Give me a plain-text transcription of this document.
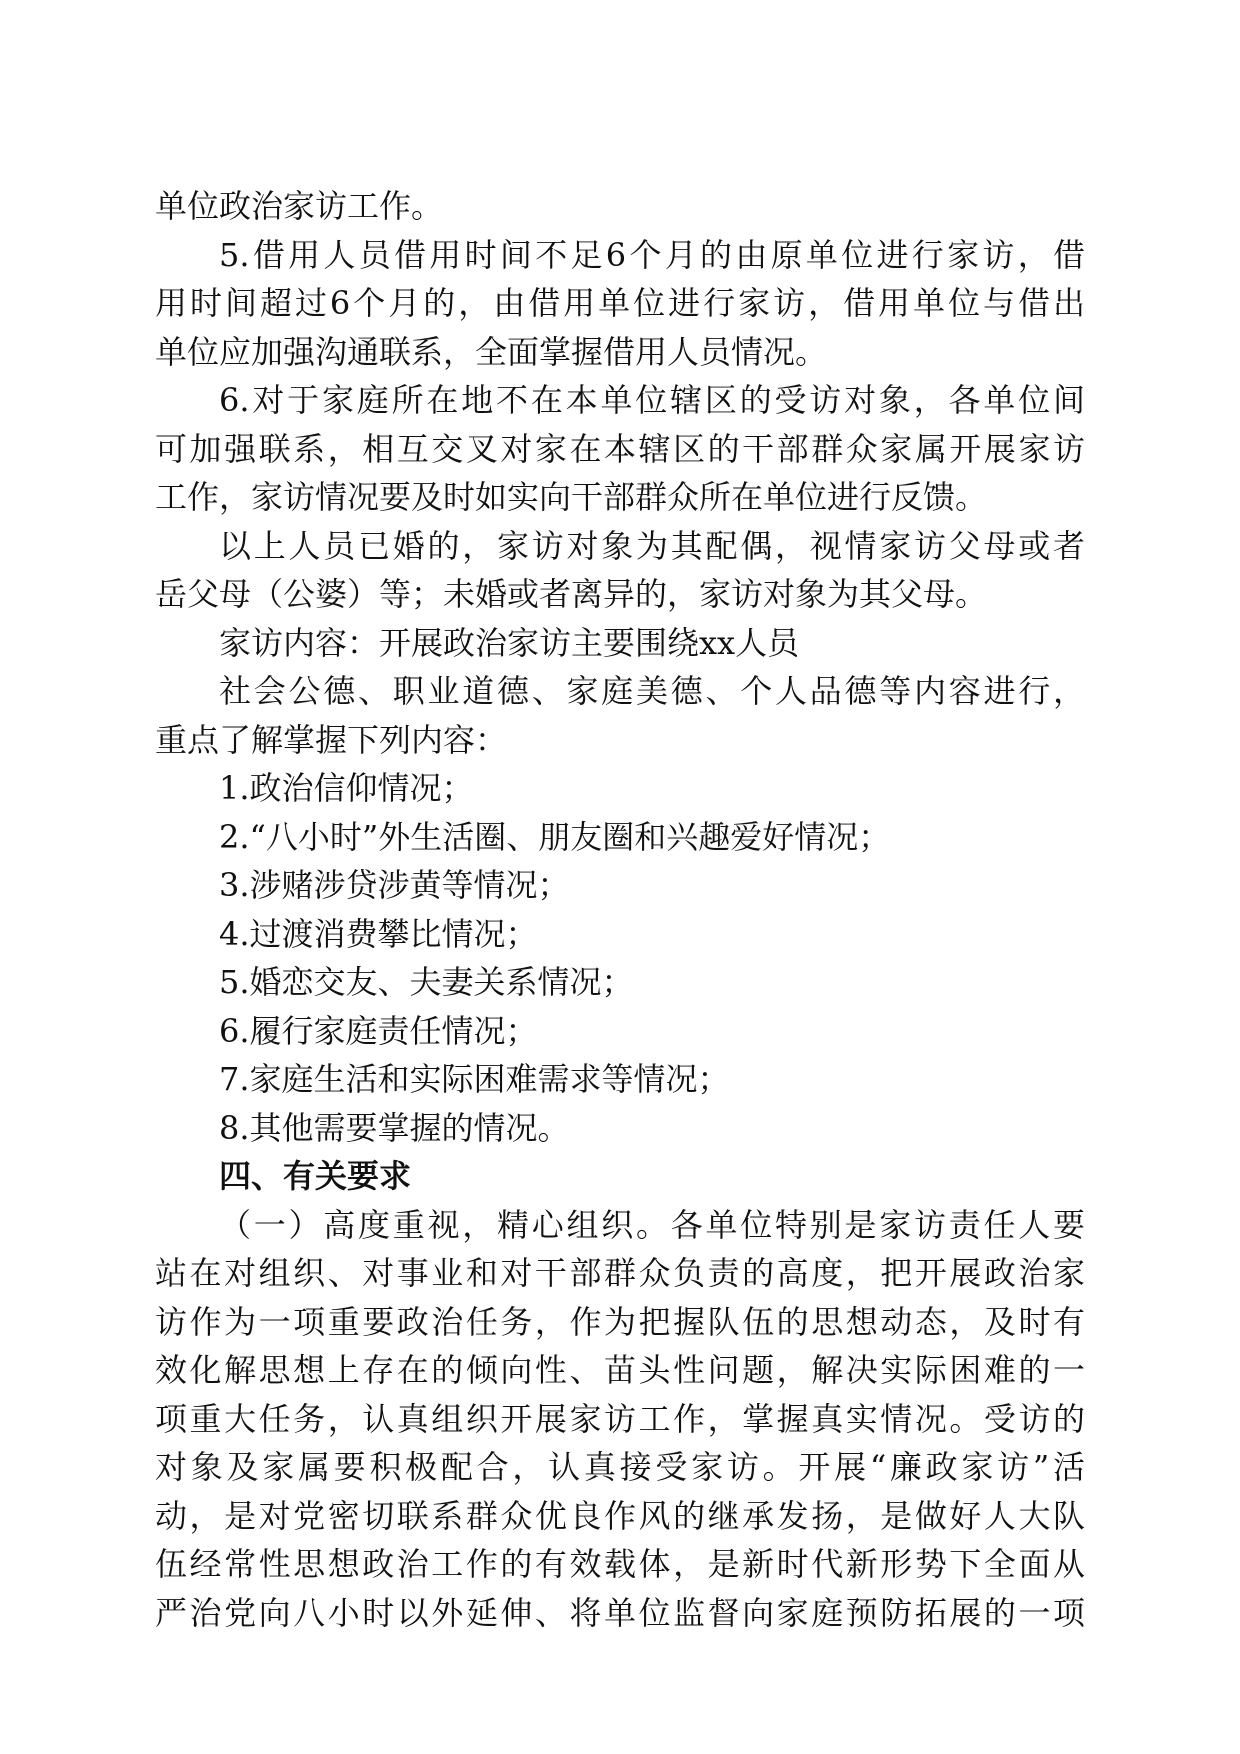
单位政治家访工作。
5.借用人员借用时间不足6个月的由原单位进行家访，借
用时间超过6个月的，由借用单位进行家访，借用单位与借出
单位应加强沟通联系，全面掌握借用人员情况。
6.对于家庭所在地不在本单位辖区的受访对象，各单位间
可加强联系，相互交叉对家在本辖区的干部群众家属开展家访
工作，家访情况要及时如实向干部群众所在单位进行反馈。
以上人员已婚的，家访对象为其配偶，视情家访父母或者
岳父母（公婆）等；未婚或者离异的，家访对象为其父母。
家访内容：开展政治家访主要围绕xx人员
社会公德、职业道德、家庭美德、个人品德等内容进行，
重点了解掌握下列内容：
1.政治信仰情况；
2.“八小时”外生活圈、朋友圈和兴趣爱好情况；
3.涉赌涉贷涉黄等情况；
4.过渡消费攀比情况；
5.婚恋交友、夫妻关系情况；
6.履行家庭责任情况；
7.家庭生活和实际困难需求等情况；
8.其他需要掌握的情况。
四、有关要求
（一）高度重视，精心组织。各单位特别是家访责任人要
站在对组织、对事业和对干部群众负责的高度，把开展政治家
访作为一项重要政治任务，作为把握队伍的思想动态，及时有
效化解思想上存在的倾向性、苗头性问题，解决实际困难的一
项重大任务，认真组织开展家访工作，掌握真实情况。受访的
对象及家属要积极配合，认真接受家访。开展“廉政家访”活
动，是对党密切联系群众优良作风的继承发扬，是做好人大队
伍经常性思想政治工作的有效载体，是新时代新形势下全面从
严治党向八小时以外延伸、将单位监督向家庭预防拓展的一项
